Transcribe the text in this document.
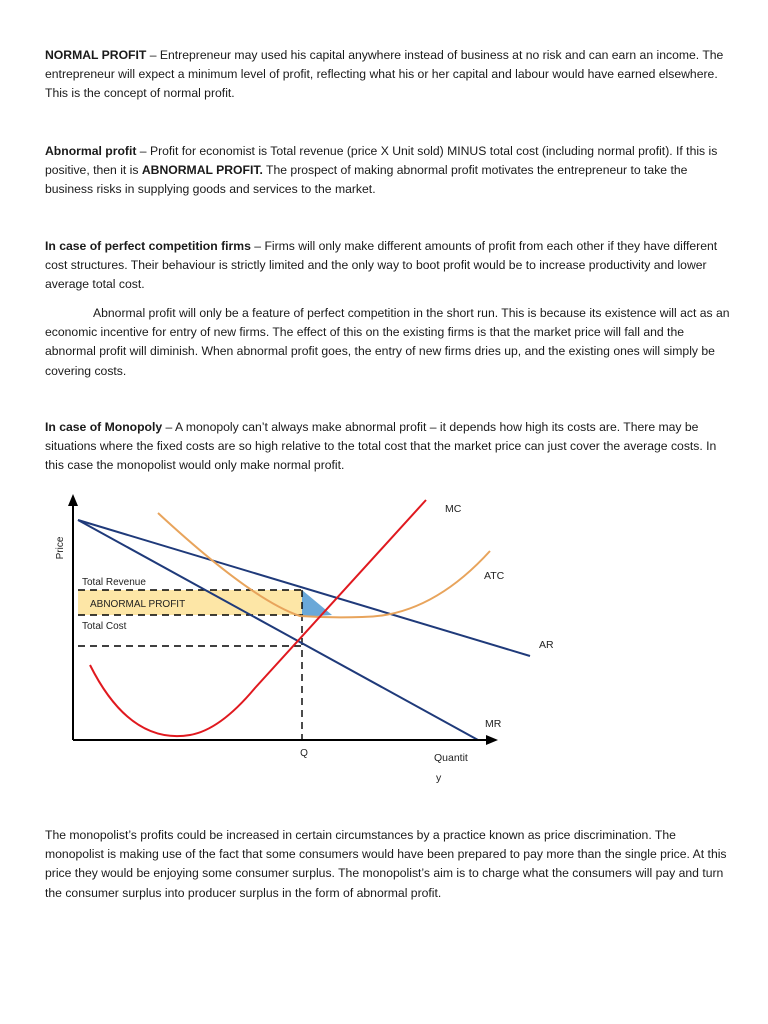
NORMAL PROFIT – Entrepreneur may used his capital anywhere instead of business at no risk and can earn an income. The entrepreneur will expect a minimum level of profit, reflecting what his or her capital and labour would have earned elsewhere. This is the concept of normal profit.

Abnormal profit – Profit for economist is Total revenue (price X Unit sold) MINUS total cost (including normal profit). If this is positive, then it is ABNORMAL PROFIT. The prospect of making abnormal profit motivates the entrepreneur to take the business risks in supplying goods and services to the market.

In case of perfect competition firms – Firms will only make different amounts of profit from each other if they have different cost structures. Their behaviour is strictly limited and the only way to boot profit would be to increase productivity and lower average total cost.

Abnormal profit will only be a feature of perfect competition in the short run. This is because its existence will act as an economic incentive for entry of new firms. The effect of this on the existing firms is that the market price will fall and the abnormal profit will diminish. When abnormal profit goes, the entry of new firms dries up, and the existing ones will simply be covering costs.

In case of Monopoly – A monopoly can’t always make abnormal profit – it depends how high its costs are. There may be situations where the fixed costs are so high relative to the total cost that the market price can just cover the average costs. In this case the monopolist would only make normal profit.

Price
Total Revenue
ABNORMAL PROFIT
Total Cost
Q	Quantit
y
MC
ATC
AR
MR

The monopolist’s profits could be increased in certain circumstances by a practice known as price discrimination. The monopolist is making use of the fact that some consumers would have been prepared to pay more than the single price. At this price they would be enjoying some consumer surplus. The monopolist’s aim is to charge what the consumers will pay and turn the consumer surplus into producer surplus in the form of abnormal profit.
